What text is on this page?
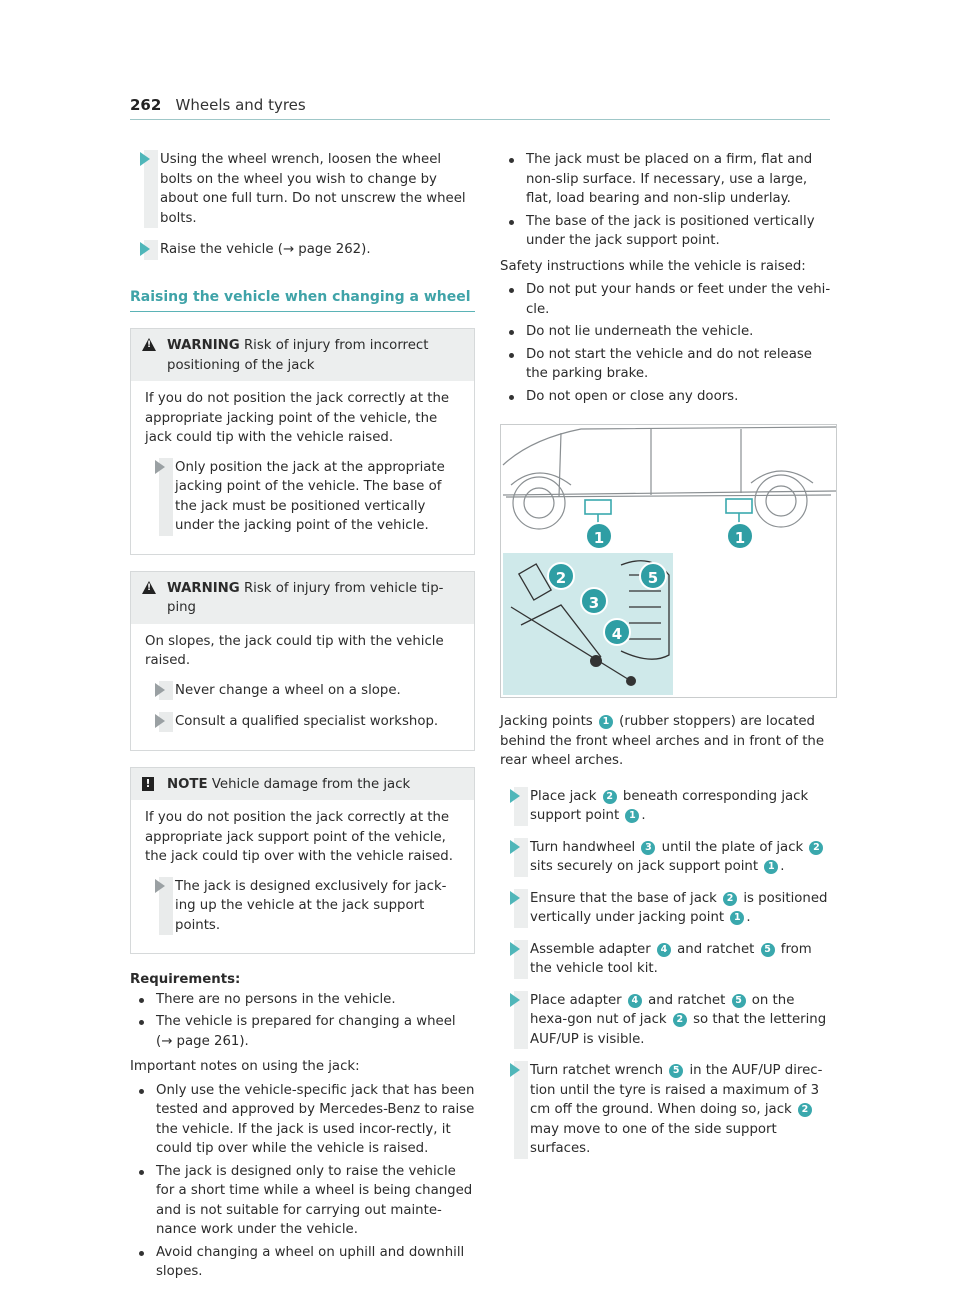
262 Wheels and tyres
Using the wheel wrench, loosen the wheel bolts on the wheel you wish to change by about one full turn. Do not unscrew the wheel bolts.
Raise the vehicle (→ page 262).
Raising the vehicle when changing a wheel
!
WARNING Risk of injury from incorrect positioning of the jack

If you do not position the jack correctly at the appropriate jacking point of the vehicle, the jack could tip with the vehicle raised.

Only position the jack at the appropriate jacking point of the vehicle. The base of the jack must be positioned vertically under the jacking point of the vehicle.
!
WARNING Risk of injury from vehicle tip-ping

On slopes, the jack could tip with the vehicle raised.

Never change a wheel on a slope.
Consult a qualified specialist workshop.
! NOTE Vehicle damage from the jack

If you do not position the jack correctly at the appropriate jack support point of the vehicle, the jack could tip over with the vehicle raised.

The jack is designed exclusively for jack-ing up the vehicle at the jack support points.
Requirements:
There are no persons in the vehicle.
The vehicle is prepared for changing a wheel (→ page 261).
Important notes on using the jack:
Only use the vehicle-specific jack that has been tested and approved by Mercedes-Benz to raise the vehicle. If the jack is used incor-rectly, it could tip over while the vehicle is raised.
The jack is designed only to raise the vehicle for a short time while a wheel is being changed and is not suitable for carrying out mainte-nance work under the vehicle.
Avoid changing a wheel on uphill and downhill slopes.
The jack must be placed on a firm, flat and non-slip surface. If necessary, use a large, flat, load bearing and non-slip underlay.
The base of the jack is positioned vertically under the jack support point.
Safety instructions while the vehicle is raised:
Do not put your hands or feet under the vehi-cle.
Do not lie underneath the vehicle.
Do not start the vehicle and do not release the parking brake.
Do not open or close any doors.
1	1
2
3
4
5
Jacking points 1 (rubber stoppers) are located behind the front wheel arches and in front of the rear wheel arches.
Place jack 2 beneath corresponding jack support point 1 .
Turn handwheel 3 until the plate of jack 2 sits securely on jack support point 1 .
Ensure that the base of jack 2 is positioned vertically under jacking point 1 .
Assemble adapter 4 and ratchet 5 from the vehicle tool kit.
Place adapter 4 and ratchet 5 on the hexa-gon nut of jack 2 so that the lettering AUF/UP is visible.
Turn ratchet wrench 5 in the AUF/UP direc-tion until the tyre is raised a maximum of 3 cm off the ground. When doing so, jack 2 may move to one of the side support surfaces.
